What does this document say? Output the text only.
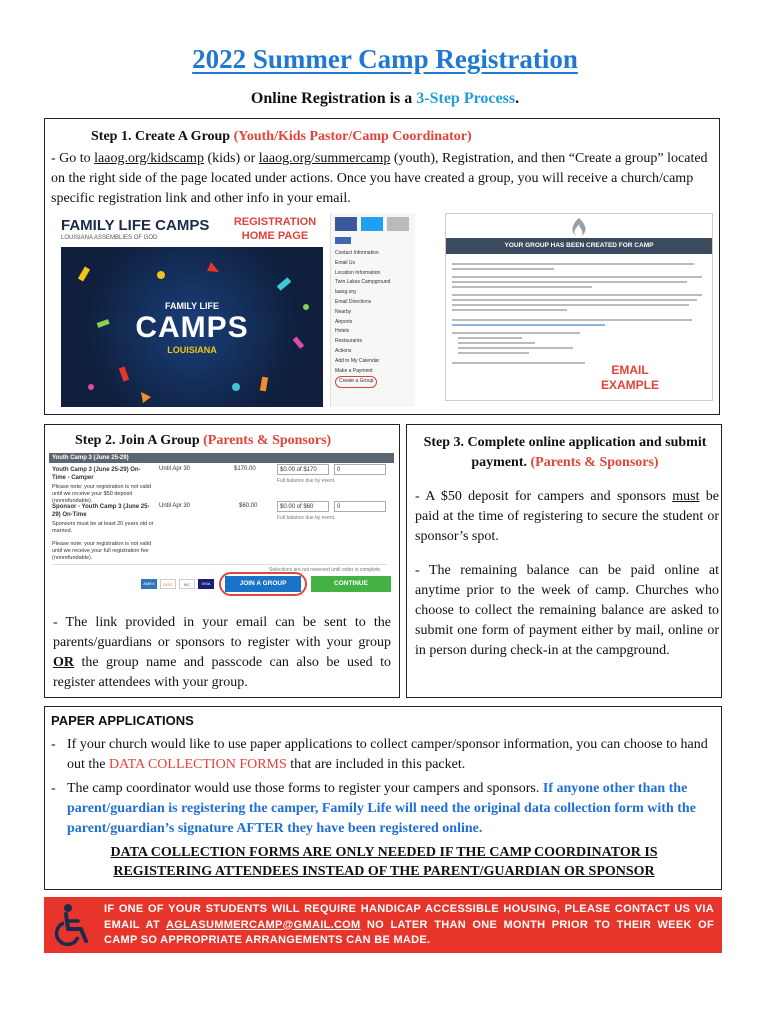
2022 Summer Camp Registration
Online Registration is a 3-Step Process.
Step 1. Create A Group (Youth/Kids Pastor/Camp Coordinator)
- Go to laaog.org/kidscamp (kids) or laaog.org/summercamp (youth), Registration, and then “Create a group” located on the right side of the page located under actions. Once you have created a group, you will receive a church/camp specific registration link and other info in your email.
FAMILY LIFE CAMPS
LOUISIANA ASSEMBLIES OF GOD
FAMILY LIFE
CAMPS
LOUISIANA
Contact Information
Email Us
Location Information
Twin Lakes Campground
laaog.org
Email Directions
Nearby
Airports
Hotels
Restaurants
Actions
Add to My Calendar
Make a Payment
Create a Group
REGISTRATION
HOME PAGE
YOUR GROUP HAS BEEN CREATED FOR CAMP
EMAIL
EXAMPLE
Step 2. Join A Group (Parents & Sponsors)
Youth Camp 3 (June 25-29)
Youth Camp 3 (June 25-29) On-Time - Camper
Until Apr 30	$170.00	$0.00 of $170	0
Full balance due by event.
Please note: your registration is not valid until we receive your $50 deposit (nonrefundable).
Sponsor - Youth Camp 3 (June 25-29) On-Time
Until Apr 30	$60.00	$0.00 of $60	0
Full balance due by event.
Sponsors must be at least 20 years old or married.
Please note: your registration is not valid until we receive your full registration fee (nonrefundable).
Selections are not reserved until order is complete.
AMEX	DISC	MC	VISA	JOIN A GROUP	CONTINUE
- The link provided in your email can be sent to the parents/guardians or sponsors to register with your group OR the group name and passcode can also be used to register attendees with your group.
Step 3. Complete online application and submit payment. (Parents & Sponsors)
- A $50 deposit for campers and sponsors must be paid at the time of registering to secure the student or sponsor’s spot.
- The remaining balance can be paid online at anytime prior to the week of camp. Churches who choose to collect the remaining balance are asked to submit one form of payment either by mail, online or in person during check-in at the campground.
PAPER APPLICATIONS
- If your church would like to use paper applications to collect camper/sponsor information, you can choose to hand out the DATA COLLECTION FORMS that are included in this packet.
- The camp coordinator would use those forms to register your campers and sponsors. If anyone other than the parent/guardian is registering the camper, Family Life will need the original data collection form with the parent/guardian’s signature AFTER they have been registered online.
DATA COLLECTION FORMS ARE ONLY NEEDED IF THE CAMP COORDINATOR IS REGISTERING ATTENDEES INSTEAD OF THE PARENT/GUARDIAN OR SPONSOR
IF ONE OF YOUR STUDENTS WILL REQUIRE HANDICAP ACCESSIBLE HOUSING, PLEASE CONTACT US VIA EMAIL AT AGLASUMMERCAMP@GMAIL.COM NO LATER THAN ONE MONTH PRIOR TO THEIR WEEK OF CAMP SO APPROPRIATE ARRANGEMENTS CAN BE MADE.
